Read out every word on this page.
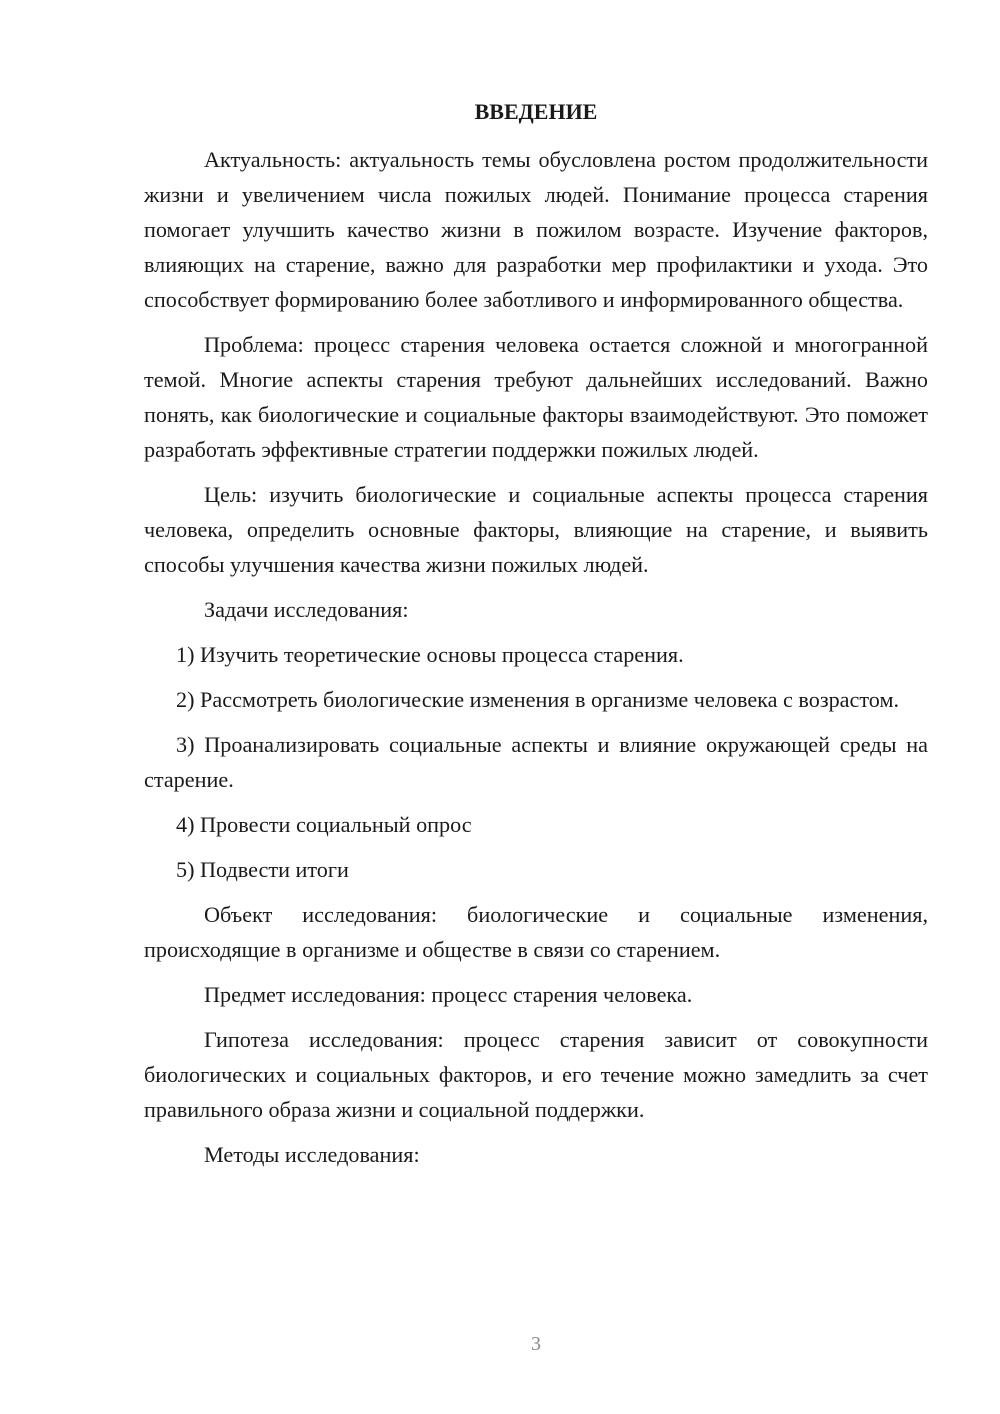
ВВЕДЕНИЕ

Актуальность: актуальность темы обусловлена ростом продолжительности жизни и увеличением числа пожилых людей. Понимание процесса старения помогает улучшить качество жизни в пожилом возрасте. Изучение факторов, влияющих на старение, важно для разработки мер профилактики и ухода. Это способствует формированию более заботливого и информированного общества.

Проблема: процесс старения человека остается сложной и многогранной темой. Многие аспекты старения требуют дальнейших исследований. Важно понять, как биологические и социальные факторы взаимодействуют. Это поможет разработать эффективные стратегии поддержки пожилых людей.

Цель: изучить биологические и социальные аспекты процесса старения человека, определить основные факторы, влияющие на старение, и выявить способы улучшения качества жизни пожилых людей.

Задачи исследования:

1) Изучить теоретические основы процесса старения.

2) Рассмотреть биологические изменения в организме человека с возрастом.

3) Проанализировать социальные аспекты и влияние окружающей среды на старение.

4) Провести социальный опрос

5) Подвести итоги

Объект исследования: биологические и социальные изменения, происходящие в организме и обществе в связи со старением.

Предмет исследования: процесс старения человека.

Гипотеза исследования: процесс старения зависит от совокупности биологических и социальных факторов, и его течение можно замедлить за счет правильного образа жизни и социальной поддержки.

Методы исследования:

3
